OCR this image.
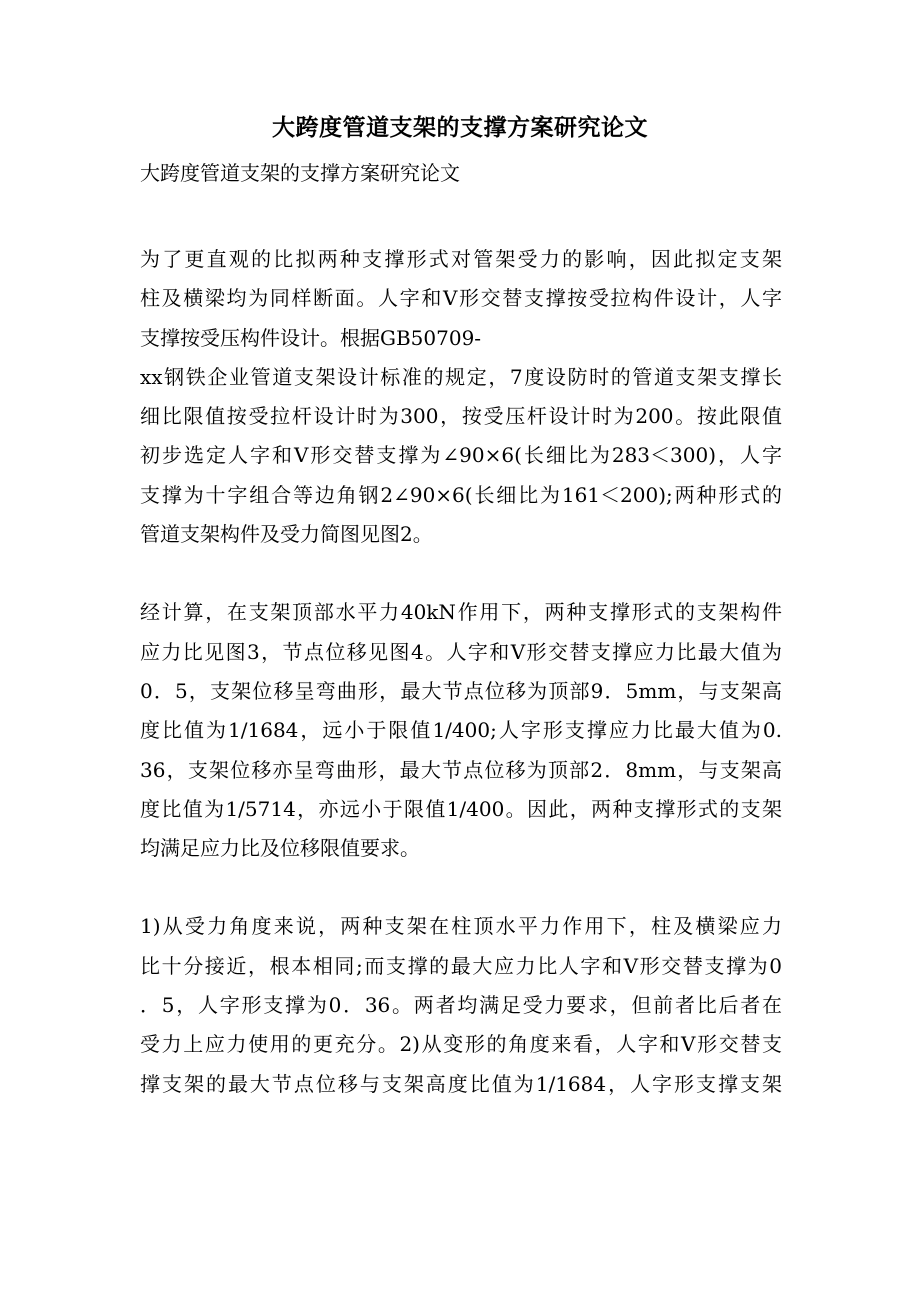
大跨度管道支架的支撑方案研究论文
大跨度管道支架的支撑方案研究论文
为了更直观的比拟两种支撑形式对管架受力的影响，因此拟定支架
柱及横梁均为同样断面。人字和V形交替支撑按受拉构件设计，人字
支撑按受压构件设计。根据GB50709-
xx钢铁企业管道支架设计标准的规定，7度设防时的管道支架支撑长
细比限值按受拉杆设计时为300，按受压杆设计时为200。按此限值
初步选定人字和V形交替支撑为∠90×6(长细比为283＜300)，人字
支撑为十字组合等边角钢2∠90×6(长细比为161＜200);两种形式的
管道支架构件及受力简图见图2。
经计算，在支架顶部水平力40kN作用下，两种支撑形式的支架构件
应力比见图3，节点位移见图4。人字和V形交替支撑应力比最大值为
0．5，支架位移呈弯曲形，最大节点位移为顶部9．5mm，与支架高
度比值为1/1684，远小于限值1/400;人字形支撑应力比最大值为0.
36，支架位移亦呈弯曲形，最大节点位移为顶部2．8mm，与支架高
度比值为1/5714，亦远小于限值1/400。因此，两种支撑形式的支架
均满足应力比及位移限值要求。
1)从受力角度来说，两种支架在柱顶水平力作用下，柱及横梁应力
比十分接近，根本相同;而支撑的最大应力比人字和V形交替支撑为0
．5，人字形支撑为0．36。两者均满足受力要求，但前者比后者在
受力上应力使用的更充分。2)从变形的角度来看，人字和V形交替支
撑支架的最大节点位移与支架高度比值为1/1684，人字形支撑支架
